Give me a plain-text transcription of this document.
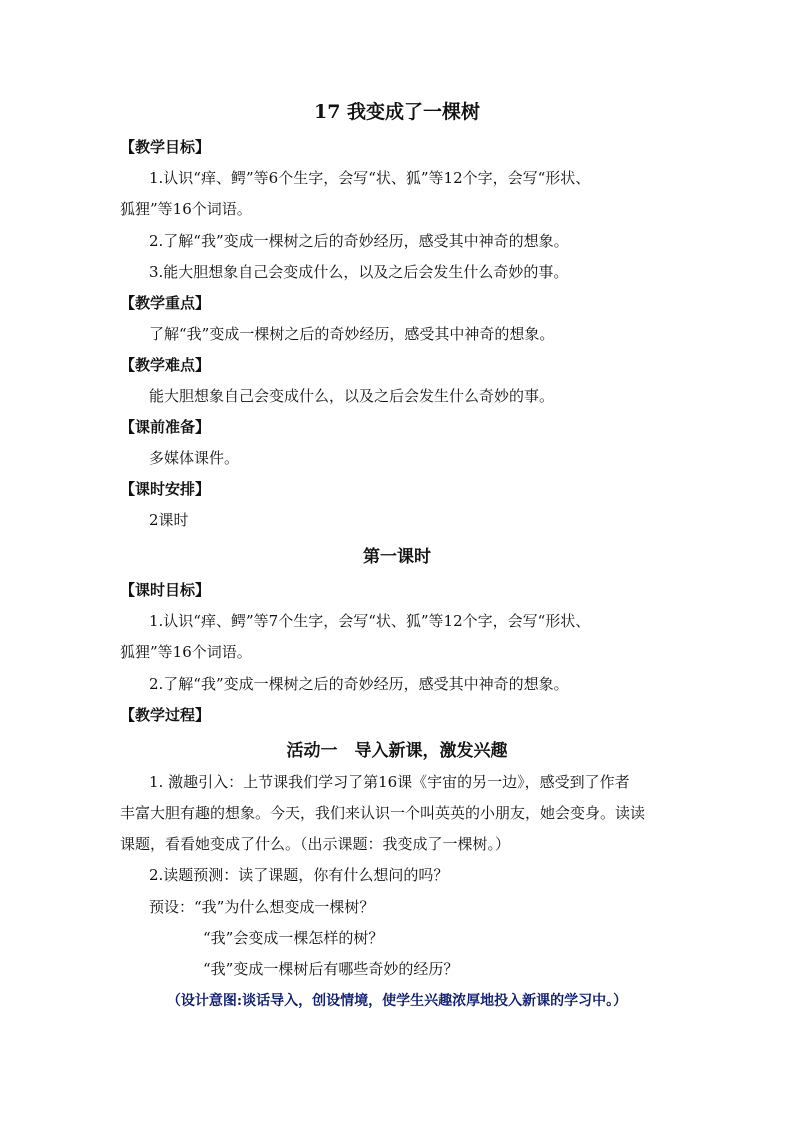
17 我变成了一棵树
【教学目标】
1.认识“痒、鳄”等6个生字，会写“状、狐”等12个字，会写“形状、
狐狸”等16个词语。
2.了解“我”变成一棵树之后的奇妙经历，感受其中神奇的想象。
3.能大胆想象自己会变成什么，以及之后会发生什么奇妙的事。
【教学重点】
了解“我”变成一棵树之后的奇妙经历，感受其中神奇的想象。
【教学难点】
能大胆想象自己会变成什么，以及之后会发生什么奇妙的事。
【课前准备】
多媒体课件。
【课时安排】
2课时
第一课时
【课时目标】
1.认识“痒、鳄”等7个生字，会写“状、狐”等12个字，会写“形状、
狐狸”等16个词语。
2.了解“我”变成一棵树之后的奇妙经历，感受其中神奇的想象。
【教学过程】
活动一　导入新课，激发兴趣
1. 激趣引入：上节课我们学习了第16课《宇宙的另一边》，感受到了作者
丰富大胆有趣的想象。今天，我们来认识一个叫英英的小朋友，她会变身。读读
课题，看看她变成了什么。（出示课题：我变成了一棵树。）
2.读题预测：读了课题，你有什么想问的吗？
预设：“我”为什么想变成一棵树？
“我”会变成一棵怎样的树？
“我”变成一棵树后有哪些奇妙的经历？
（设计意图:谈话导入，创设情境，使学生兴趣浓厚地投入新课的学习中。）
